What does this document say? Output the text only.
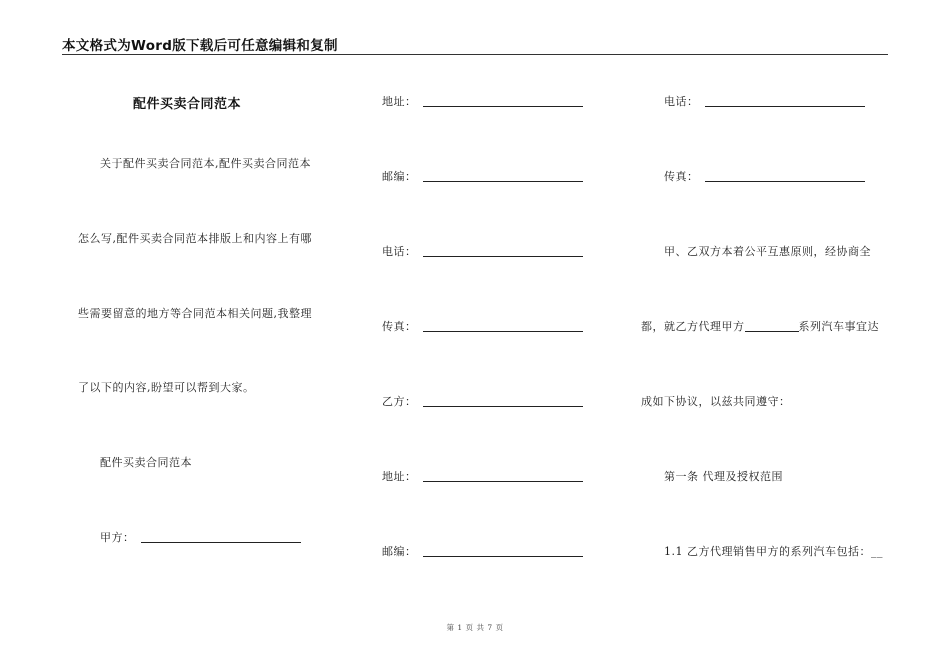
本文格式为Word版下载后可任意编辑和复制
配件买卖合同范本
关于配件买卖合同范本,配件买卖合同范本
怎么写,配件买卖合同范本排版上和内容上有哪
些需要留意的地方等合同范本相关问题,我整理
了以下的内容,盼望可以帮到大家。
配件买卖合同范本
甲方：
地址：
邮编：
电话：
传真：
乙方：
地址：
邮编：
电话：
传真：
甲、乙双方本着公平互惠原则，经协商全
都，就乙方代理甲方	系列汽车事宜达
成如下协议，以兹共同遵守：
第一条 代理及授权范围
1.1 乙方代理销售甲方的系列汽车包括：__
第 1 页 共 7 页
